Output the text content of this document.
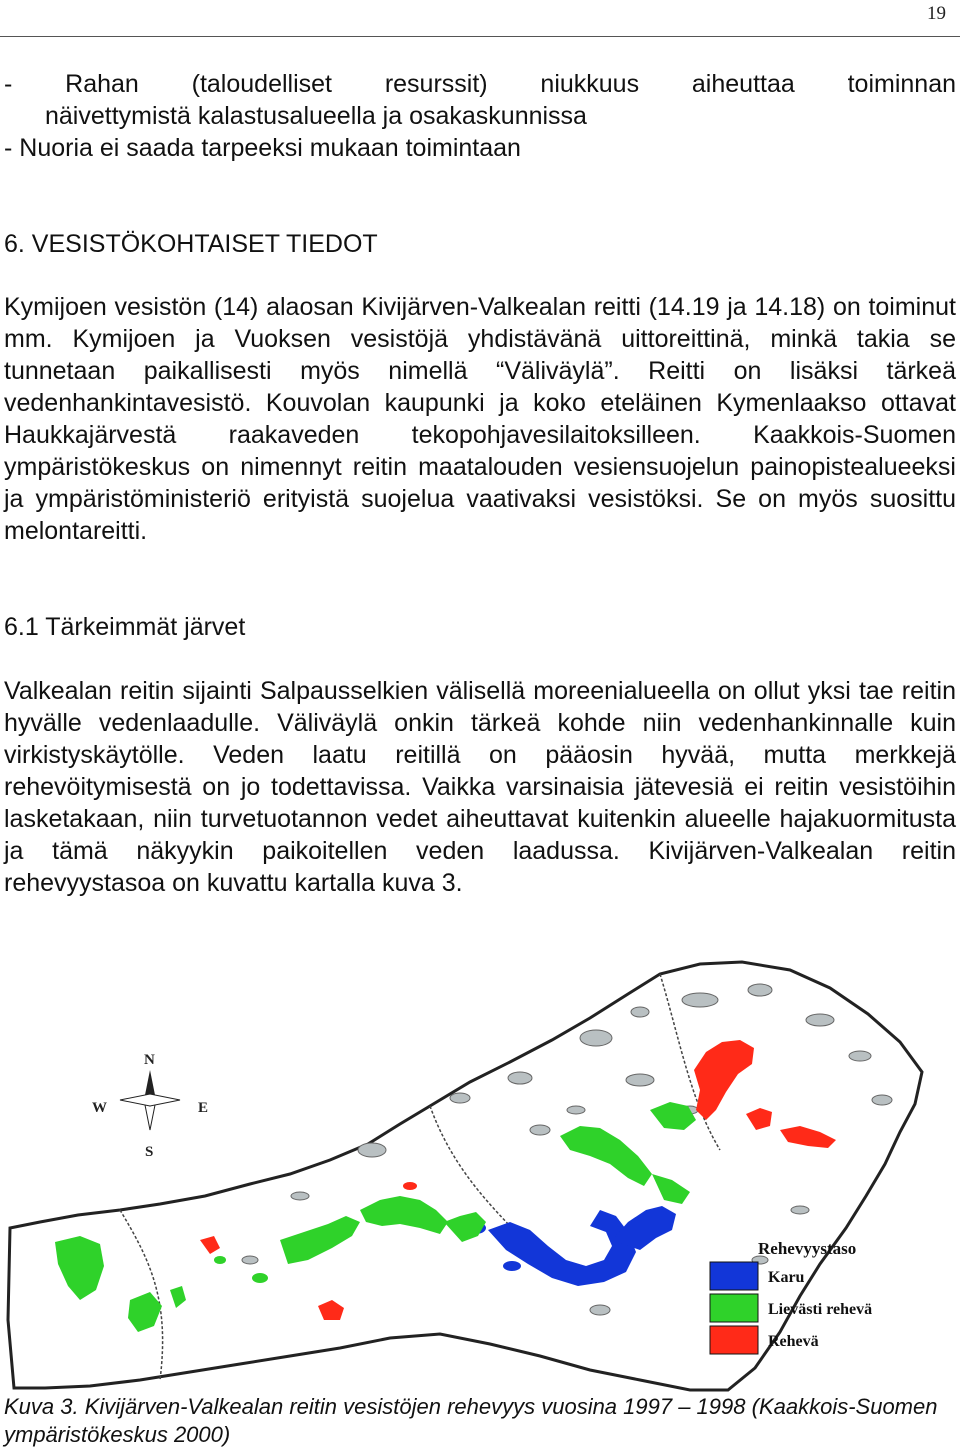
19

- Rahan (taloudelliset resurssit) niukkuus aiheuttaa toiminnan

näivettymistä kalastusalueella ja osakaskunnissa

- Nuoria ei saada tarpeeksi mukaan toimintaan

6. VESISTÖKOHTAISET TIEDOT

Kymijoen vesistön (14) alaosan Kivijärven-Valkealan reitti (14.19 ja 14.18) on toiminut mm. Kymijoen ja Vuoksen vesistöjä yhdistävänä uittoreittinä, minkä takia se tunnetaan paikallisesti myös nimellä “Väliväylä”. Reitti on lisäksi tärkeä vedenhankintavesistö. Kouvolan kaupunki ja koko eteläinen Kymenlaakso ottavat Haukkajärvestä raakaveden tekopohjavesilaitoksilleen. Kaakkois-Suomen ympäristökeskus on nimennyt reitin maatalouden vesiensuojelun painopistealueeksi ja ympäristöministeriö erityistä suojelua vaativaksi vesistöksi. Se on myös suosittu melontareitti.

6.1 Tärkeimmät järvet

Valkealan reitin sijainti Salpausselkien välisellä moreenialueella on ollut yksi tae reitin hyvälle vedenlaadulle. Väliväylä onkin tärkeä kohde niin vedenhankinnalle kuin virkistyskäytölle. Veden laatu reitillä on pääosin hyvää, mutta merkkejä rehevöitymisestä on jo todettavissa. Vaikka varsinaisia jätevesiä ei reitin vesistöihin lasketakaan, niin turvetuotannon vedet aiheuttavat kuitenkin alueelle hajakuormitusta ja tämä näkyykin paikoitellen veden laadussa. Kivijärven-Valkealan reitin rehevyystasoa on kuvattu kartalla kuva 3.

N
W	E
S
Rehevyystaso
Karu
Lievästi rehevä
Rehevä
Kuva 3. Kivijärven-Valkealan reitin vesistöjen rehevyys vuosina 1997 – 1998 (Kaakkois-Suomen ympäristökeskus 2000)
